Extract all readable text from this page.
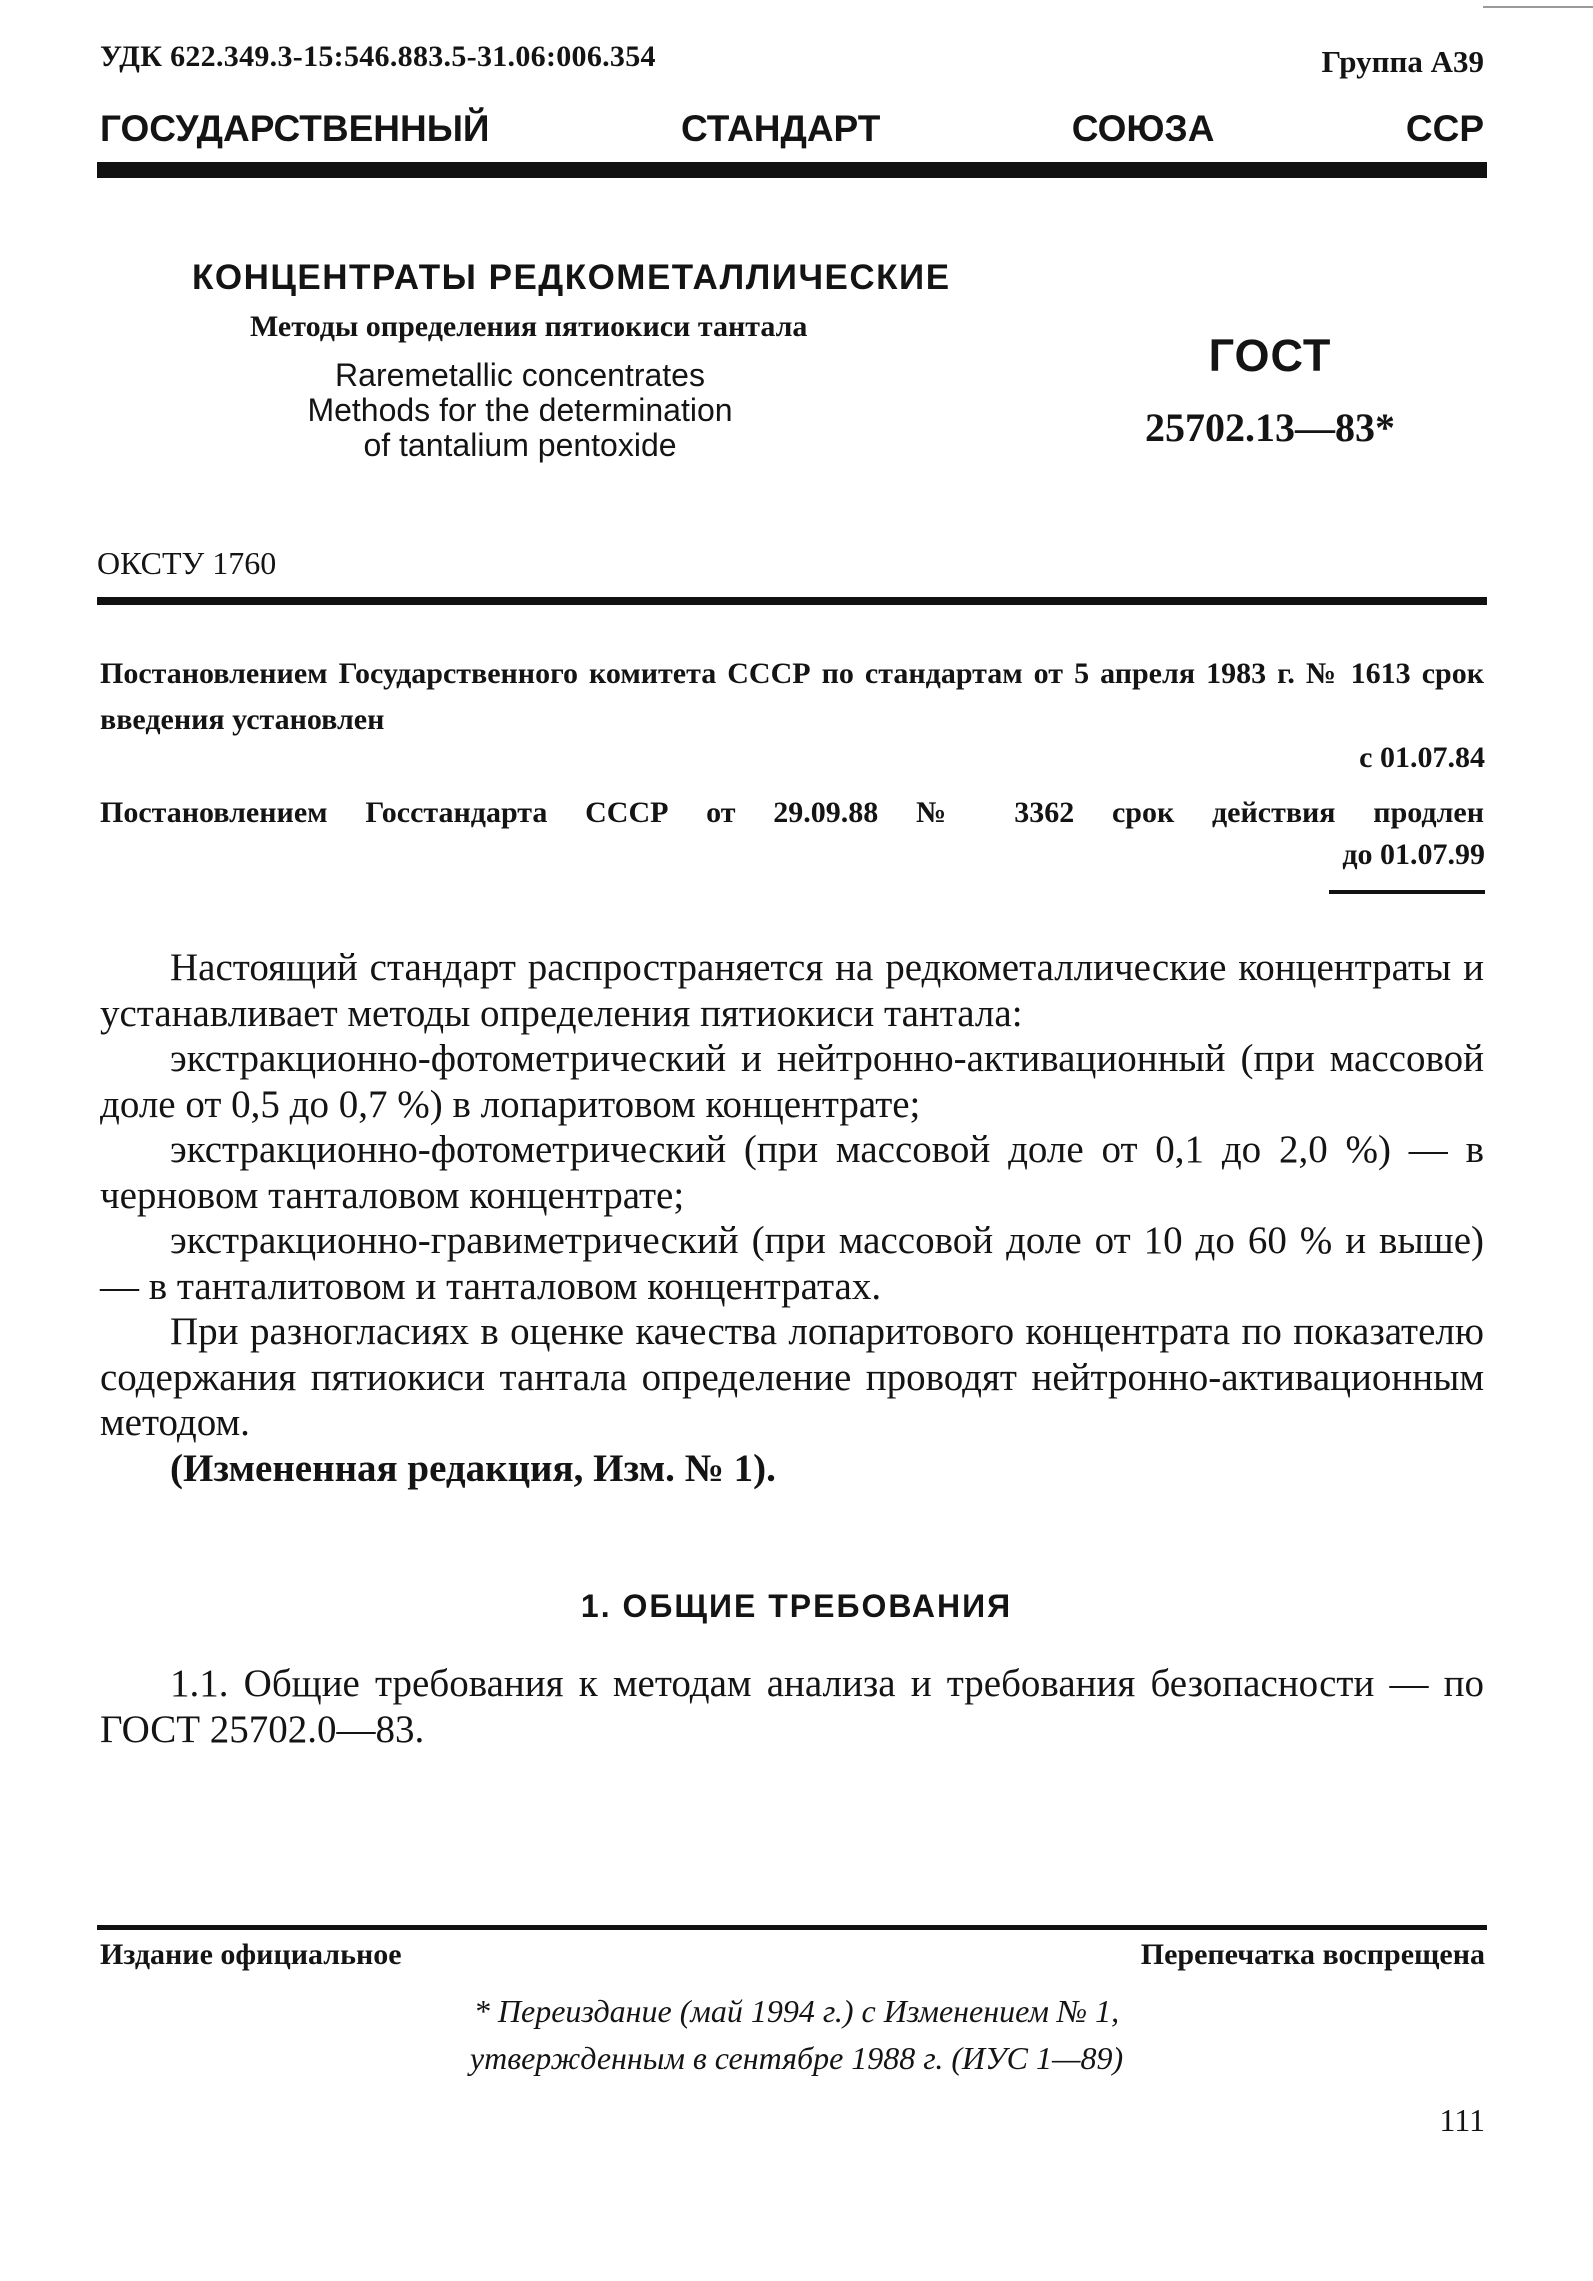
УДК 622.349.3-15:546.883.5-31.06:006.354	Группа А39
ГОСУДАРСТВЕННЫЙ	СТАНДАРТ	СОЮЗА	ССР
КОНЦЕНТРАТЫ РЕДКОМЕТАЛЛИЧЕСКИЕ
Методы определения пятиокиси тантала
Raremetallic concentrates
Methods for the determination
of tantalium pentoxide
ГОСТ
25702.13—83*
ОКСТУ 1760
Постановлением Государственного комитета СССР по стандартам от 5 апреля 1983 г. № 1613 срок введения установлен
с 01.07.84
Постановлением Госстандарта СССР от 29.09.88 № 3362 срок действия продлен
до 01.07.99

Настоящий стандарт распространяется на редкометаллические концентраты и устанавливает методы определения пятиокиси тантала:

экстракционно-фотометрический и нейтронно-активационный (при массовой доле от 0,5 до 0,7 %) в лопаритовом концентрате;

экстракционно-фотометрический (при массовой доле от 0,1 до 2,0 %) — в черновом танталовом концентрате;

экстракционно-гравиметрический (при массовой доле от 10 до 60 % и выше) — в танталитовом и танталовом концентратах.

При разногласиях в оценке качества лопаритового концентрата по показателю содержания пятиокиси тантала определение проводят нейтронно-активационным методом.

(Измененная редакция, Изм. № 1).

1. ОБЩИЕ ТРЕБОВАНИЯ

1.1. Общие требования к методам анализа и требования безопасности — по ГОСТ 25702.0—83.

Издание официальное	Перепечатка воспрещена
* Переиздание (май 1994 г.) с Изменением № 1,
утвержденным в сентябре 1988 г. (ИУС 1—89)
111
